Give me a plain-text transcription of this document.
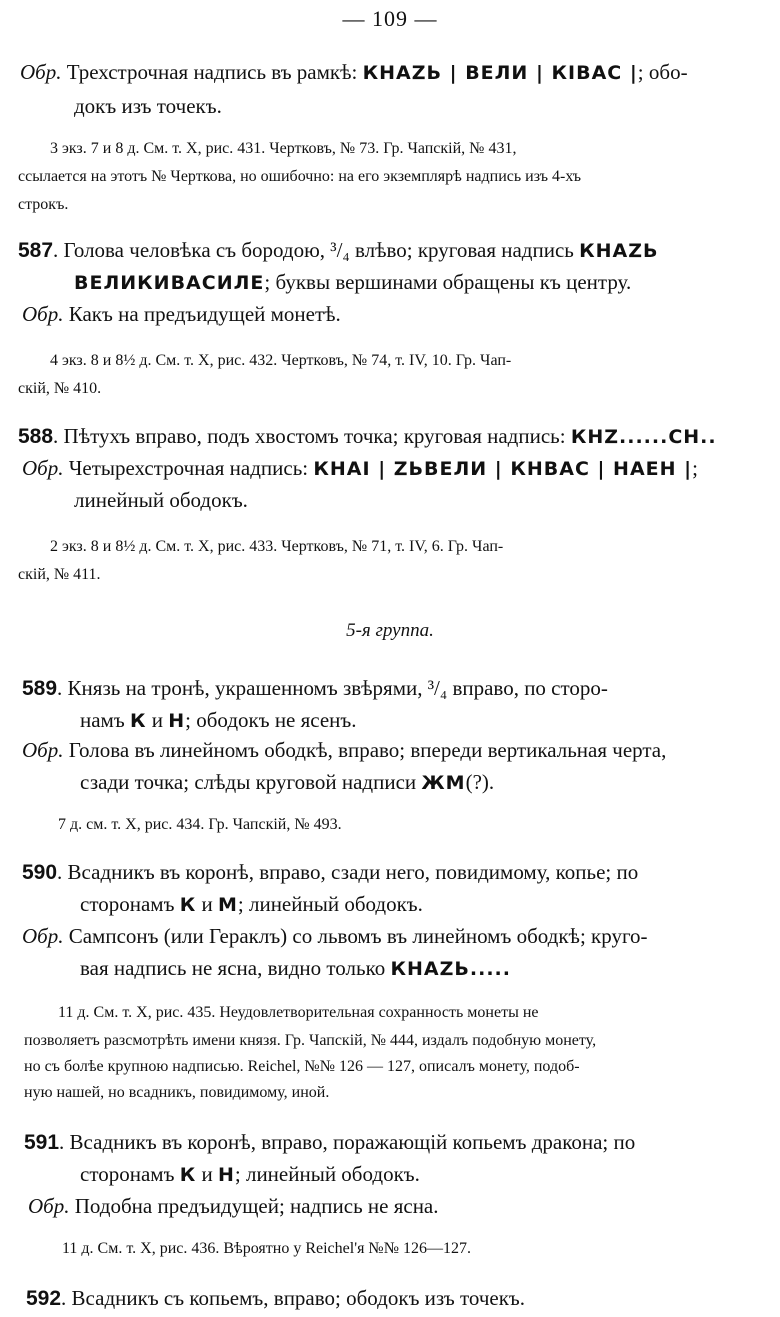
— 109 —
Обр. Трехстрочная надпись въ рамкѣ: КНАΖЬ | ВЕЛИ | КІВАС |; обо-
докъ изъ точекъ.
3 экз. 7 и 8 д. См. т. X, рис. 431. Чертковъ, № 73. Гр. Чапскій, № 431,
ссылается на этотъ № Черткова, но ошибочно: на его экземплярѣ надпись изъ 4-хъ
строкъ.
587. Голова человѣка съ бородою, ³/₄ влѣво; круговая надпись КНАΖЬ
ВЕЛИКИВАСИЛЕ; буквы вершинами обращены къ центру.
Обр. Какъ на предъидущей монетѣ.
4 экз. 8 и 8½ д. См. т. X, рис. 432. Чертковъ, № 74, т. IV, 10. Гр. Чап-
скій, № 410.
588. Пѣтухъ вправо, подъ хвостомъ точка; круговая надпись: КНΖ......СН..
Обр. Четырехстрочная надпись: КНАІ | ΖЬВЕЛИ | КНВАС | НАЕН |;
линейный ободокъ.
2 экз. 8 и 8½ д. См. т. X, рис. 433. Чертковъ, № 71, т. IV, 6. Гр. Чап-
скій, № 411.
5-я группа.
589. Князь на тронѣ, украшенномъ звѣрями, ³/₄ вправо, по сторо-
намъ К и Н; ободокъ не ясенъ.
Обр. Голова въ линейномъ ободкѣ, вправо; впереди вертикальная черта,
сзади точка; слѣды круговой надписи ЖМ(?).
7 д. см. т. X, рис. 434. Гр. Чапскій, № 493.
590. Всадникъ въ коронѣ, вправо, сзади него, повидимому, копье; по
сторонамъ К и М; линейный ободокъ.
Обр. Сампсонъ (или Гераклъ) со львомъ въ линейномъ ободкѣ; круго-
вая надпись не ясна, видно только КНАΖЬ.....
11 д. См. т. X, рис. 435. Неудовлетворительная сохранность монеты не
позволяетъ разсмотрѣть имени князя. Гр. Чапскій, № 444, издалъ подобную монету,
но съ болѣе крупною надписью. Reichel, №№ 126 — 127, описалъ монету, подоб-
ную нашей, но всадникъ, повидимому, иной.
591. Всадникъ въ коронѣ, вправо, поражающій копьемъ дракона; по
сторонамъ К и Н; линейный ободокъ.
Обр. Подобна предъидущей; надпись не ясна.
11 д. См. т. X, рис. 436. Вѣроятно у Reichel'я №№ 126—127.
592. Всадникъ съ копьемъ, вправо; ободокъ изъ точекъ.
